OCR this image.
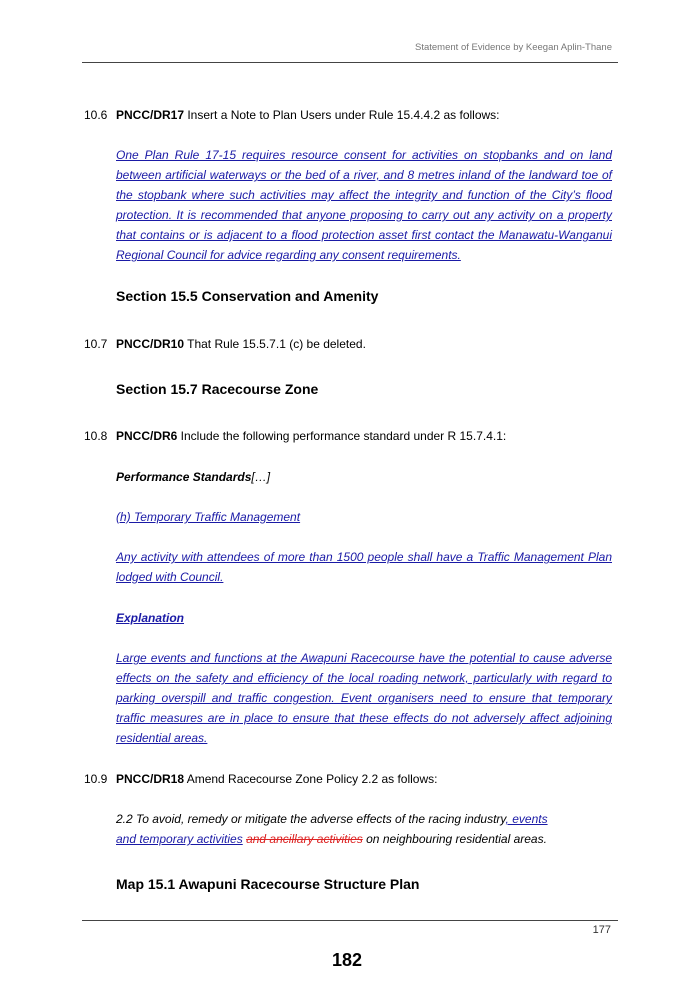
Statement of Evidence by Keegan Aplin-Thane
10.6 PNCC/DR17 Insert a Note to Plan Users under Rule 15.4.4.2 as follows:
One Plan Rule 17-15 requires resource consent for activities on stopbanks and on land between artificial waterways or the bed of a river, and 8 metres inland of the landward toe of the stopbank where such activities may affect the integrity and function of the City’s flood protection. It is recommended that anyone proposing to carry out any activity on a property that contains or is adjacent to a flood protection asset first contact the Manawatu-Wanganui Regional Council for advice regarding any consent requirements.
Section 15.5 Conservation and Amenity
10.7 PNCC/DR10 That Rule 15.5.7.1 (c) be deleted.
Section 15.7 Racecourse Zone
10.8 PNCC/DR6 Include the following performance standard under R 15.7.4.1:
Performance Standards[…]
(h) Temporary Traffic Management
Any activity with attendees of more than 1500 people shall have a Traffic Management Plan lodged with Council.
Explanation
Large events and functions at the Awapuni Racecourse have the potential to cause adverse effects on the safety and efficiency of the local roading network, particularly with regard to parking overspill and traffic congestion. Event organisers need to ensure that temporary traffic measures are in place to ensure that these effects do not adversely affect adjoining residential areas.
10.9 PNCC/DR18 Amend Racecourse Zone Policy 2.2 as follows:
2.2 To avoid, remedy or mitigate the adverse effects of the racing industry, events and temporary activities and ancillary activities on neighbouring residential areas.
Map 15.1 Awapuni Racecourse Structure Plan
177
182
